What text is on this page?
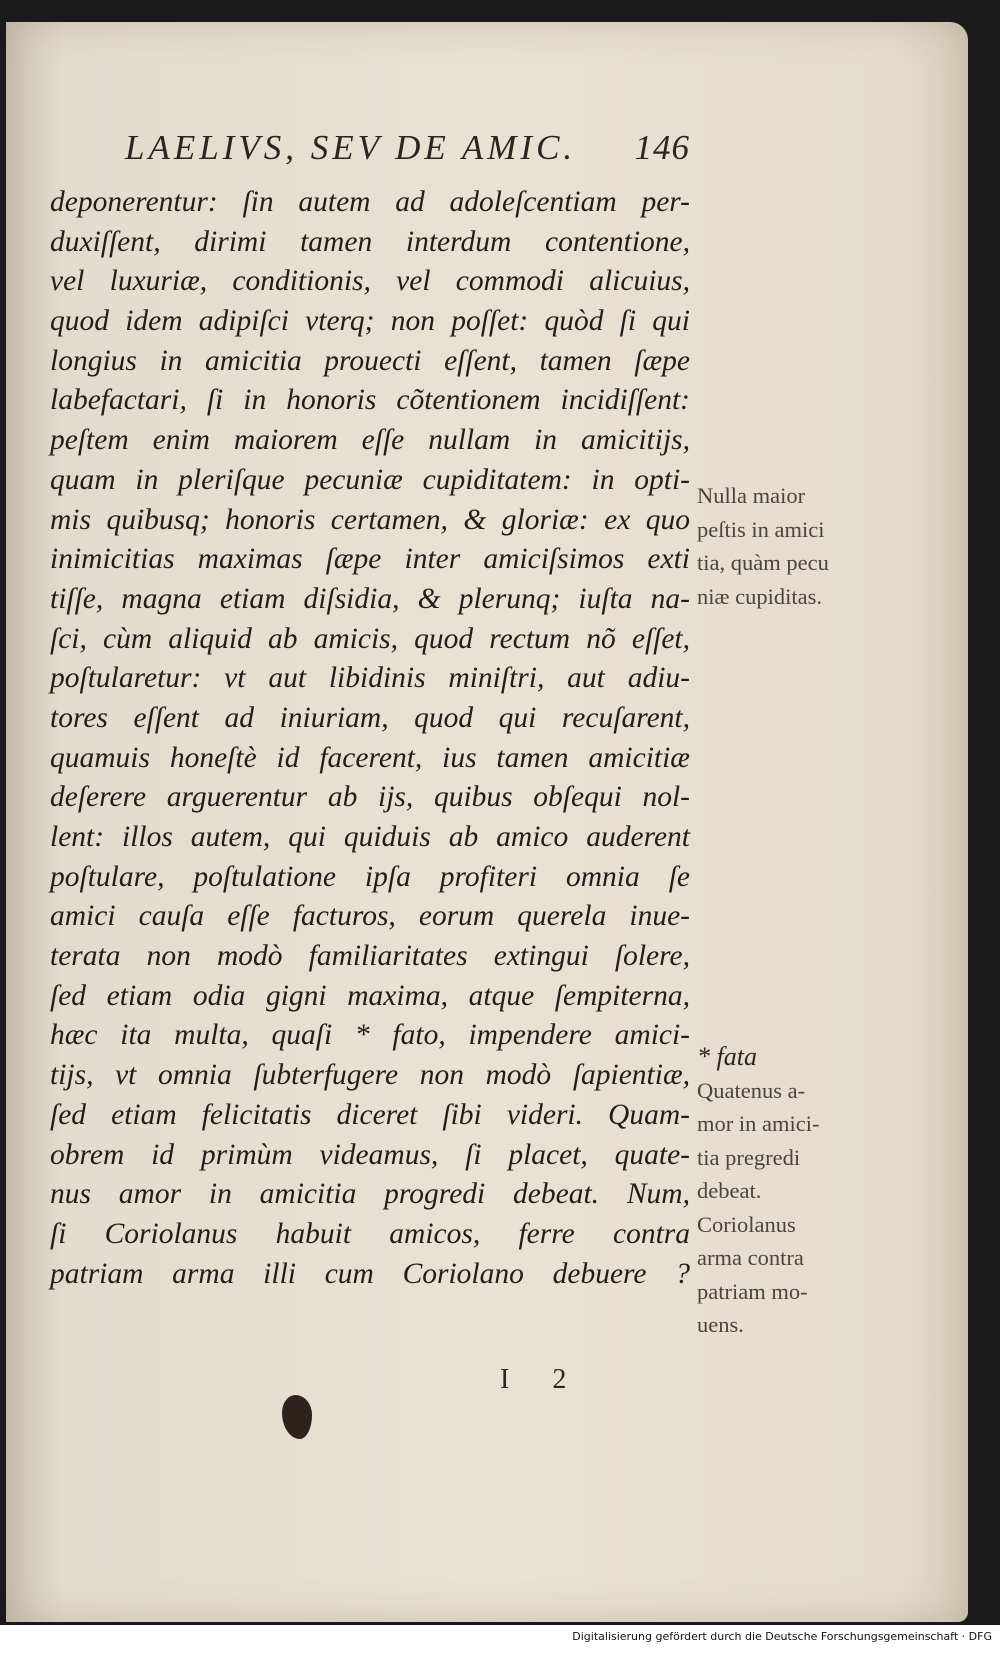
LAELIVS, SEV DE AMIC. 146
deponerentur: ſin autem ad adoleſcentiam per-
duxiſſent, dirimi tamen interdum contentione,
vel luxuriæ, conditionis, vel commodi alicuius,
quod idem adipiſci vterq; non poſſet: quòd ſi qui
longius in amicitia prouecti eſſent, tamen ſæpe
labefactari, ſi in honoris cõtentionem incidiſſent:
peſtem enim maiorem eſſe nullam in amicitijs,
quam in pleriſque pecuniæ cupiditatem: in opti-
mis quibusq; honoris certamen, & gloriæ: ex quo
inimicitias maximas ſæpe inter amiciſsimos exti
tiſſe, magna etiam diſsidia, & plerunq; iuſta na-
ſci, cùm aliquid ab amicis, quod rectum nõ eſſet,
poſtularetur: vt aut libidinis miniſtri, aut adiu-
tores eſſent ad iniuriam, quod qui recuſarent,
quamuis honeſtè id facerent, ius tamen amicitiæ
deſerere arguerentur ab ijs, quibus obſequi nol-
lent: illos autem, qui quiduis ab amico auderent
poſtulare, poſtulatione ipſa profiteri omnia ſe
amici cauſa eſſe facturos, eorum querela inue-
terata non modò familiaritates extingui ſolere,
ſed etiam odia gigni maxima, atque ſempiterna,
hæc ita multa, quaſi * fato, impendere amici-
tijs, vt omnia ſubterfugere non modò ſapientiæ,
ſed etiam felicitatis diceret ſibi videri. Quam-
obrem id primùm videamus, ſi placet, quate-
nus amor in amicitia progredi debeat. Num,
ſi Coriolanus habuit amicos, ferre contra
patriam arma illi cum Coriolano debuere ?
Nulla maior
peſtis in amici
tia, quàm pecu
niæ cupiditas.
* fata
Quatenus a-
mor in amici-
tia pregredi
debeat.
Coriolanus
arma contra
patriam mo-
uens.
I 2
Digitalisierung gefördert durch die Deutsche Forschungsgemeinschaft · DFG
